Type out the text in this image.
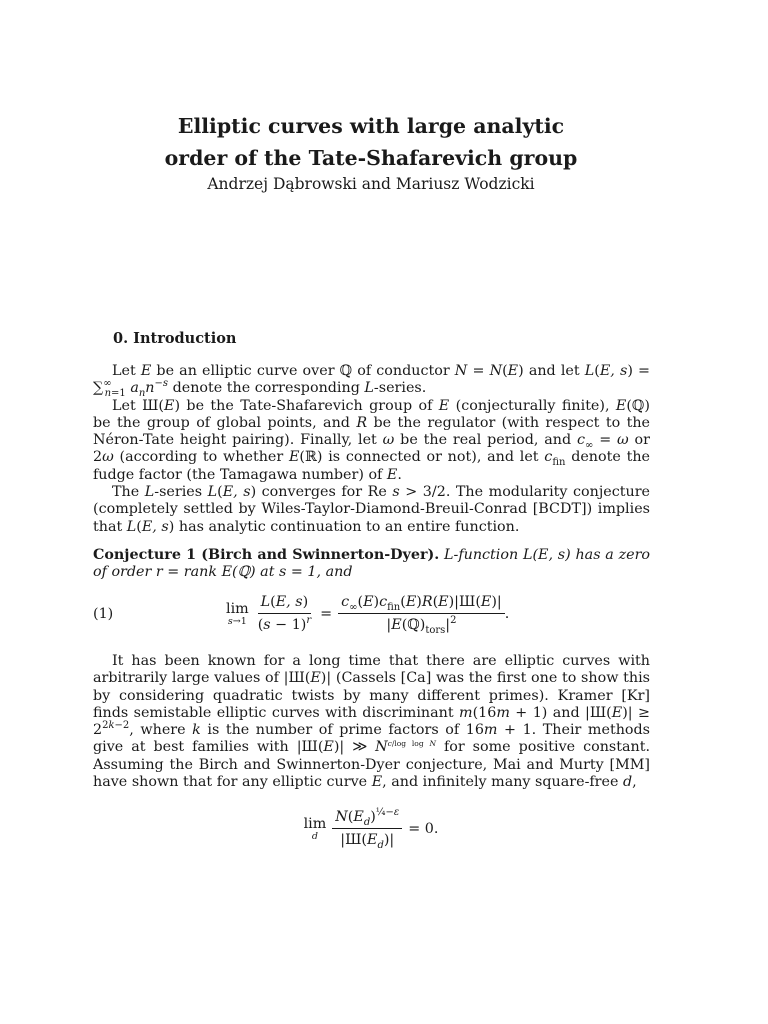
Elliptic curves with large analytic
order of the Tate-Shafarevich group
Andrzej Dąbrowski and Mariusz Wodzicki
0. Introduction

Let E be an elliptic curve over ℚ of conductor N = N(E) and let L(E, $s) = \sum^\infty_{n=1}$ $a_nn^{-s}$ denote the corresponding L-series.

Let Ш(E) be the Tate-Shafarevich group of E (conjecturally finite), E(ℚ) be the group of global points, and R be the regulator (with respect to the Néron-Tate height pairing). Finally, let ω be the real period, and $c_\infty = \omega$ or 2ω (according to whether E(ℝ) is connected or not), and let $c_{fin}$ denote the fudge factor (the Tamagawa number) of E.

The L-series L(E, s) converges for Re s > 3/2. The modularity conjecture (completely settled by Wiles-Taylor-Diamond-Breuil-Conrad [BCDT]) implies that L(E, s) has analytic continuation to an entire function.

Conjecture 1 (Birch and Swinnerton-Dyer). L-function L(E, s) has a zero of order r = rank E(ℚ) at s = 1, and

(1)	lim
$s\to 1 \frac{L(E, s)}{(s - 1)^r} = \frac{c_\infty(E)c_{fin}(E)R(E)|Ш(E)|}{|E(ℚ)_{tors}|^2}$ .

It has been known for a long time that there are elliptic curves with arbitrarily large values of |Ш(E)| (Cassels [Ca] was the first one to show this by considering quadratic twists by many different primes). Kramer [Kr] finds semistable elliptic curves with discriminant m(16m + 1) and $|Ш(E)| \ge 2^{2k-2}$, where k is the number of prime factors of 16m + 1. Their methods give at best families with |Ш(E)| ≫ $N^{c/log log N}$ for some positive constant. Assuming the Birch and Swinnerton-Dyer conjecture, Mai and Murty [MM] have shown that for any elliptic curve E, and infinitely many square-free d,

lim
d $\frac{N(E_d)^{\frac{1}{4}-\varepsilon}}{|Ш(E_d)|} = 0$.
